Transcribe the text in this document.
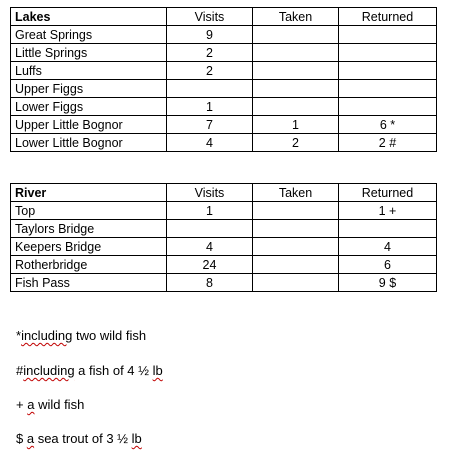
Lakes	Visits	Taken	Returned
Great Springs	9		
Little Springs	2		
Luffs	2		
Upper Figgs			
Lower Figgs	1		
Upper Little Bognor	7	1	6 *
Lower Little Bognor	4	2	2 #
River	Visits	Taken	Returned
Top	1		1 +
Taylors Bridge			
Keepers Bridge	4		4
Rotherbridge	24		6
Fish Pass	8		9 $
*including two wild fish
#including a fish of 4 ½ lb
+ a wild fish
$ a sea trout of 3 ½ lb
